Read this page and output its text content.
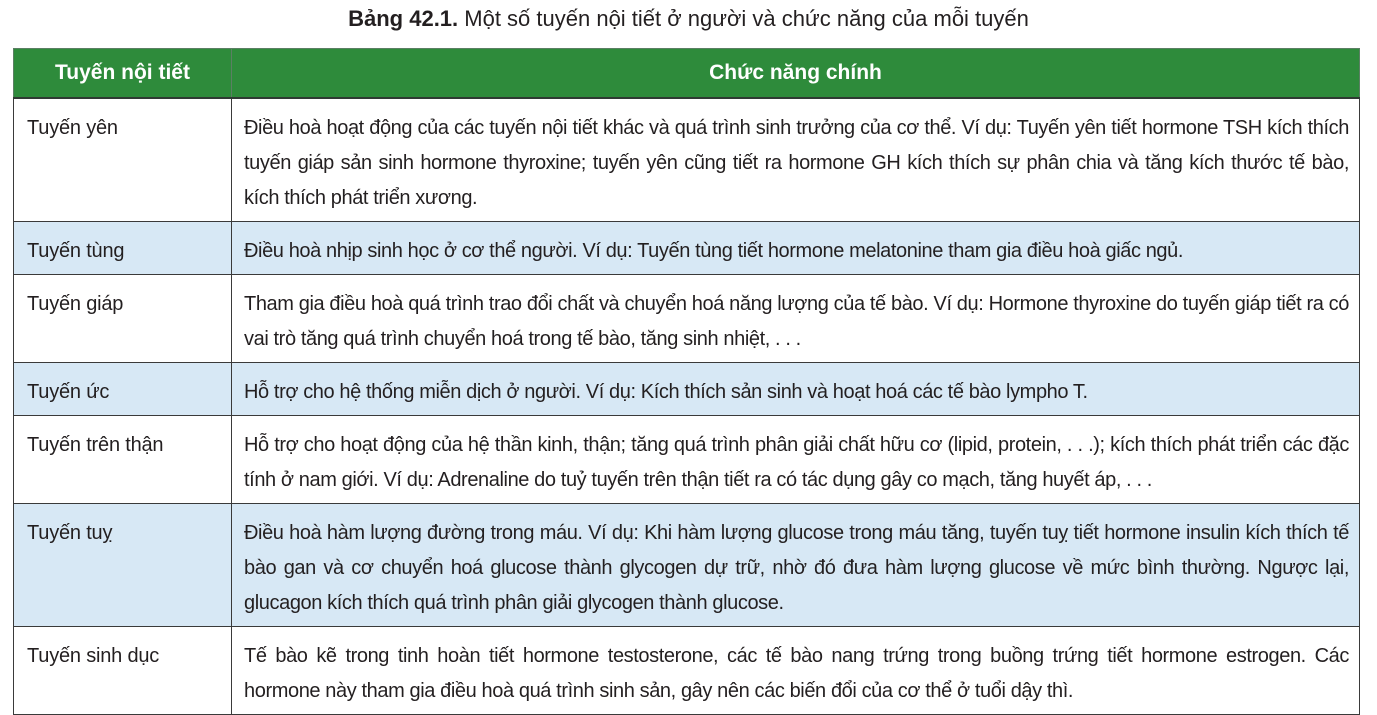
Bảng 42.1. Một số tuyến nội tiết ở người và chức năng của mỗi tuyến
Tuyến nội tiết	Chức năng chính
Tuyến yên	Điều hoà hoạt động của các tuyến nội tiết khác và quá trình sinh trưởng của cơ thể. Ví dụ: Tuyến yên tiết hormone TSH kích thích tuyến giáp sản sinh hormone thyroxine; tuyến yên cũng tiết ra hormone GH kích thích sự phân chia và tăng kích thước tế bào, kích thích phát triển xương.
Tuyến tùng	Điều hoà nhịp sinh học ở cơ thể người. Ví dụ: Tuyến tùng tiết hormone melatonine tham gia điều hoà giấc ngủ.
Tuyến giáp	Tham gia điều hoà quá trình trao đổi chất và chuyển hoá năng lượng của tế bào. Ví dụ: Hormone thyroxine do tuyến giáp tiết ra có vai trò tăng quá trình chuyển hoá trong tế bào, tăng sinh nhiệt, . . .
Tuyến ức	Hỗ trợ cho hệ thống miễn dịch ở người. Ví dụ: Kích thích sản sinh và hoạt hoá các tế bào lympho T.
Tuyến trên thận	Hỗ trợ cho hoạt động của hệ thần kinh, thận; tăng quá trình phân giải chất hữu cơ (lipid, protein, . . .); kích thích phát triển các đặc tính ở nam giới. Ví dụ: Adrenaline do tuỷ tuyến trên thận tiết ra có tác dụng gây co mạch, tăng huyết áp, . . .
Tuyến tuỵ	Điều hoà hàm lượng đường trong máu. Ví dụ: Khi hàm lượng glucose trong máu tăng, tuyến tuỵ tiết hormone insulin kích thích tế bào gan và cơ chuyển hoá glucose thành glycogen dự trữ, nhờ đó đưa hàm lượng glucose về mức bình thường. Ngược lại, glucagon kích thích quá trình phân giải glycogen thành glucose.
Tuyến sinh dục	Tế bào kẽ trong tinh hoàn tiết hormone testosterone, các tế bào nang trứng trong buồng trứng tiết hormone estrogen. Các hormone này tham gia điều hoà quá trình sinh sản, gây nên các biến đổi của cơ thể ở tuổi dậy thì.
